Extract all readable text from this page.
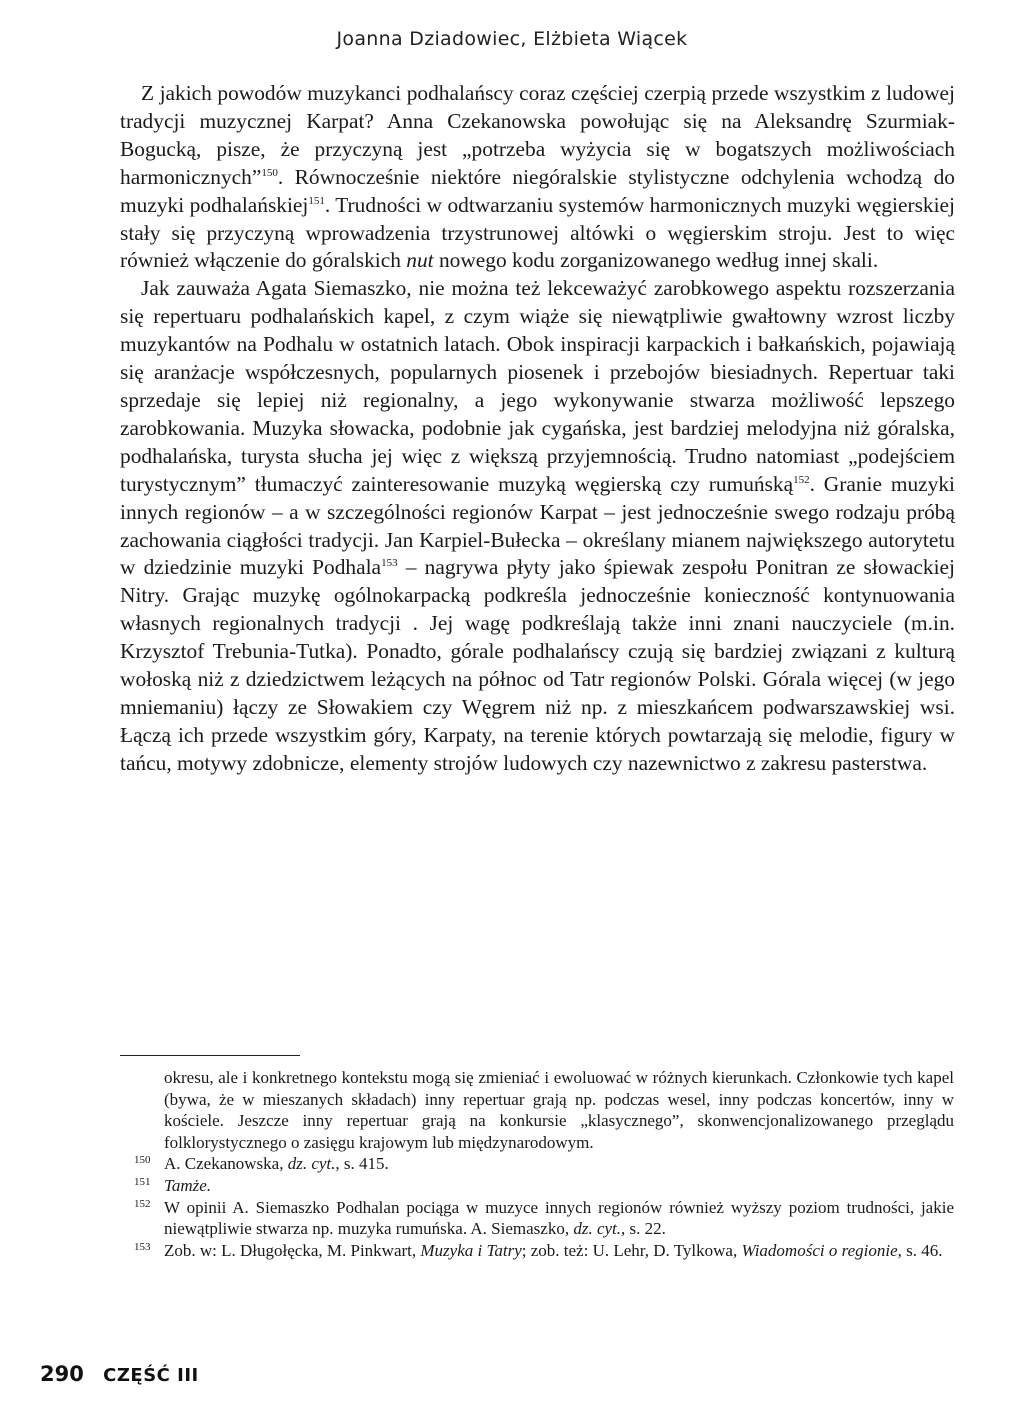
Joanna Dziadowiec, Elżbieta Wiącek

Z jakich powodów muzykanci podhalańscy coraz częściej czerpią przede wszystkim z ludowej tradycji muzycznej Karpat? Anna Czekanowska powołując się na Aleksandrę Szurmiak-Bogucką, pisze, że przyczyną jest „potrzeba wyżycia się w bogatszych możliwościach harmonicznych”$^{150}$. Równocześnie niektóre niegóralskie stylistyczne odchylenia wchodzą do muzyki podhalańskiej$^{151}$. Trudności w odtwarzaniu systemów harmonicznych muzyki węgierskiej stały się przyczyną wprowadzenia trzystrunowej altówki o węgierskim stroju. Jest to więc również włączenie do góralskich nut nowego kodu zorganizowanego według innej skali.

Jak zauważa Agata Siemaszko, nie można też lekceważyć zarobkowego aspektu rozszerzania się repertuaru podhalańskich kapel, z czym wiąże się niewątpliwie gwałtowny wzrost liczby muzykantów na Podhalu w ostatnich latach. Obok inspiracji karpackich i bałkańskich, pojawiają się aranżacje współczesnych, popularnych piosenek i przebojów biesiadnych. Repertuar taki sprzedaje się lepiej niż regionalny, a jego wykonywanie stwarza możliwość lepszego zarobkowania. Muzyka słowacka, podobnie jak cygańska, jest bardziej melodyjna niż góralska, podhalańska, turysta słucha jej więc z większą przyjemnością. Trudno natomiast „podejściem turystycznym” tłumaczyć zainteresowanie muzyką węgierską czy rumuńską$^{152}$. Granie muzyki innych regionów – a w szczególności regionów Karpat – jest jednocześnie swego rodzaju próbą zachowania ciągłości tradycji. Jan Karpiel-Bułecka – określany mianem największego autorytetu w dziedzinie muzyki Podhala$^{153}$ – nagrywa płyty jako śpiewak zespołu Ponitran ze słowackiej Nitry. Grając muzykę ogólnokarpacką podkreśla jednocześnie konieczność kontynuowania własnych regionalnych tradycji . Jej wagę podkreślają także inni znani nauczyciele (m.in. Krzysztof Trebunia-Tutka). Ponadto, górale podhalańscy czują się bardziej związani z kulturą wołoską niż z dziedzictwem leżących na północ od Tatr regionów Polski. Górala więcej (w jego mniemaniu) łączy ze Słowakiem czy Węgrem niż np. z mieszkańcem podwarszawskiej wsi. Łączą ich przede wszystkim góry, Karpaty, na terenie których powtarzają się melodie, figury w tańcu, motywy zdobnicze, elementy strojów ludowych czy nazewnictwo z zakresu pasterstwa.

okresu, ale i konkretnego kontekstu mogą się zmieniać i ewoluować w różnych kierunkach. Członkowie tych kapel (bywa, że w mieszanych składach) inny repertuar grają np. podczas wesel, inny podczas koncertów, inny w kościele. Jeszcze inny repertuar grają na konkursie „klasycznego”, skonwencjonalizowanego przeglądu folklorystycznego o zasięgu krajowym lub międzynarodowym.

150 A. Czekanowska, dz. cyt., s. 415.

151 Tamże.

152 W opinii A. Siemaszko Podhalan pociąga w muzyce innych regionów również wyższy poziom trudności, jakie niewątpliwie stwarza np. muzyka rumuńska. A. Siemaszko, dz. cyt., s. 22.

153 Zob. w: L. Długołęcka, M. Pinkwart, Muzyka i Tatry; zob. też: U. Lehr, D. Tylkowa, Wiadomości o regionie, s. 46.

290 CZĘŚĆ III
